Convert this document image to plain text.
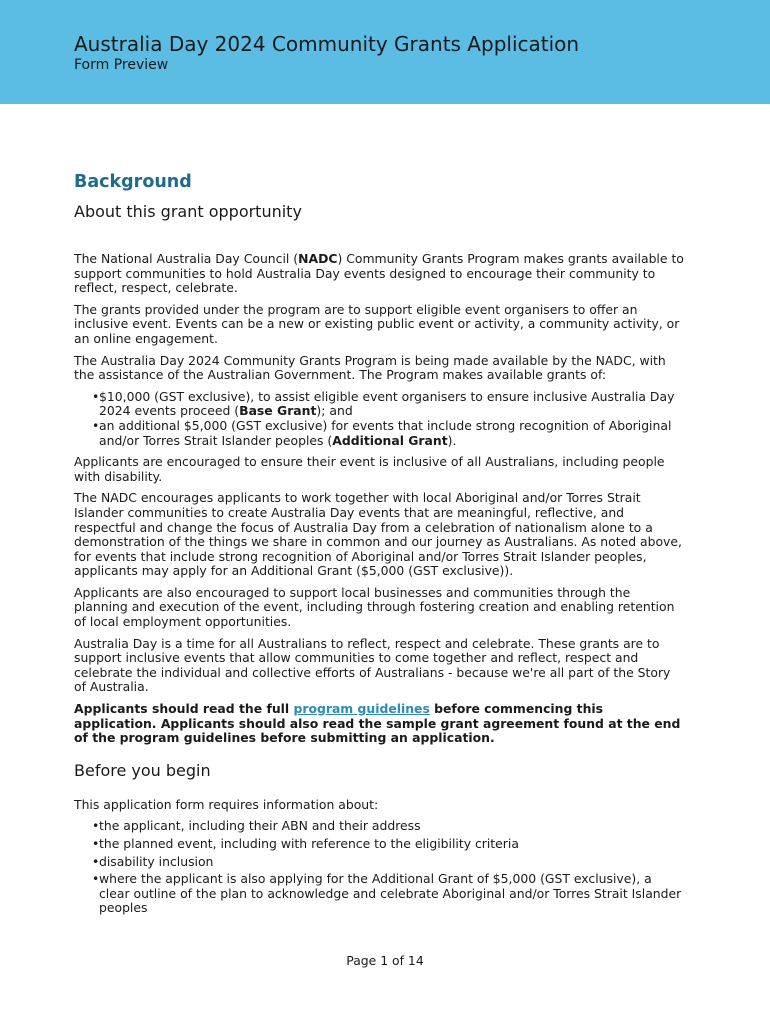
Australia Day 2024 Community Grants Application
Form Preview
Background
About this grant opportunity

The National Australia Day Council (NADC) Community Grants Program makes grants available to support communities to hold Australia Day events designed to encourage their community to reflect, respect, celebrate.

The grants provided under the program are to support eligible event organisers to offer an inclusive event. Events can be a new or existing public event or activity, a community activity, or an online engagement.

The Australia Day 2024 Community Grants Program is being made available by the NADC, with the assistance of the Australian Government. The Program makes available grants of:

• $10,000 (GST exclusive), to assist eligible event organisers to ensure inclusive Australia Day 2024 events proceed (Base Grant); and
• an additional $5,000 (GST exclusive) for events that include strong recognition of Aboriginal and/or Torres Strait Islander peoples (Additional Grant).

Applicants are encouraged to ensure their event is inclusive of all Australians, including people with disability.

The NADC encourages applicants to work together with local Aboriginal and/or Torres Strait Islander communities to create Australia Day events that are meaningful, reflective, and respectful and change the focus of Australia Day from a celebration of nationalism alone to a demonstration of the things we share in common and our journey as Australians. As noted above, for events that include strong recognition of Aboriginal and/or Torres Strait Islander peoples, applicants may apply for an Additional Grant ($5,000 (GST exclusive)).

Applicants are also encouraged to support local businesses and communities through the planning and execution of the event, including through fostering creation and enabling retention of local employment opportunities.

Australia Day is a time for all Australians to reflect, respect and celebrate. These grants are to support inclusive events that allow communities to come together and reflect, respect and celebrate the individual and collective efforts of Australians - because we're all part of the Story of Australia.

Applicants should read the full program guidelines before commencing this application. Applicants should also read the sample grant agreement found at the end of the program guidelines before submitting an application.

Before you begin

This application form requires information about:

• the applicant, including their ABN and their address
• the planned event, including with reference to the eligibility criteria
• disability inclusion
• where the applicant is also applying for the Additional Grant of $5,000 (GST exclusive), a clear outline of the plan to acknowledge and celebrate Aboriginal and/or Torres Strait Islander peoples
Page 1 of 14
